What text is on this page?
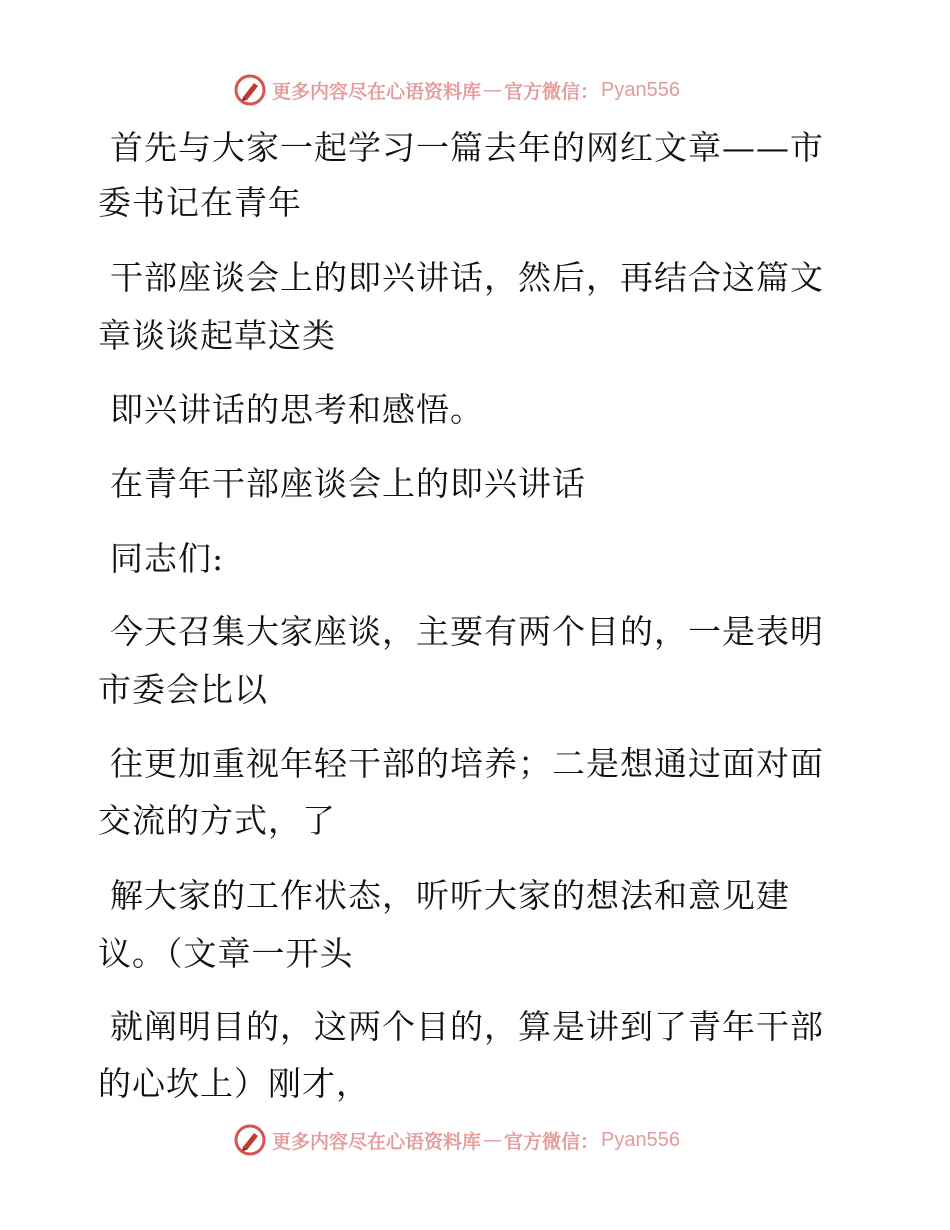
更多内容尽在心语资料库 — 官方微信： Pyan556
首先与大家一起学习一篇去年的网红文章——市
委书记在青年
干部座谈会上的即兴讲话，然后，再结合这篇文
章谈谈起草这类
即兴讲话的思考和感悟。
在青年干部座谈会上的即兴讲话
同志们:
今天召集大家座谈，主要有两个目的，一是表明
市委会比以
往更加重视年轻干部的培养；二是想通过面对面
交流的方式，了
解大家的工作状态，听听大家的想法和意见建
议。（文章一开头
就阐明目的，这两个目的，算是讲到了青年干部
的心坎上）刚才，
更多内容尽在心语资料库 — 官方微信： Pyan556
